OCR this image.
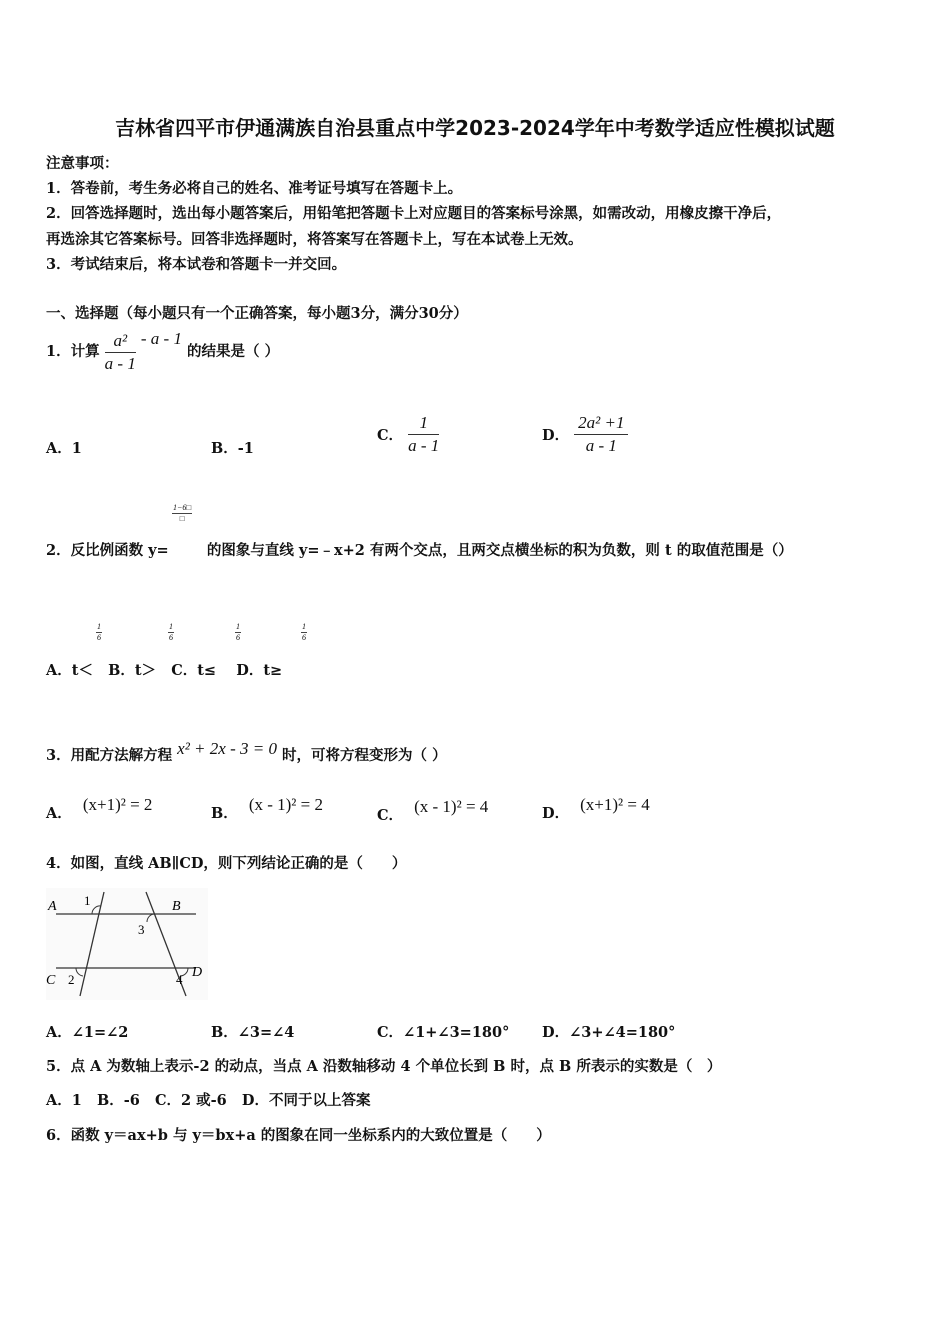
吉林省四平市伊通满族自治县重点中学2023-2024学年中考数学适应性模拟试题
注意事项：
1．答卷前，考生务必将自己的姓名、准考证号填写在答题卡上。
2．回答选择题时，选出每小题答案后，用铅笔把答题卡上对应题目的答案标号涂黑，如需改动，用橡皮擦干净后，
再选涂其它答案标号。回答非选择题时，将答案写在答题卡上，写在本试卷上无效。
3．考试结束后，将本试卷和答题卡一并交回。
一、选择题（每小题只有一个正确答案，每小题3分，满分30分）
1．计算 $\frac{\text{a²}}{a - 1}$ - a - 1 的结果是（ ）
A．1	B．-1
C． $\frac{1}{a - 1}$	D． $\frac{\text{2a² +1}}{a - 1}$
1−6□
□
2．反比例函数 y=	的图象与直线 y=﹣x+2 有两个交点，且两交点横坐标的积为负数，则 t 的取值范围是（）
$\frac{1}{6}$	$\frac{1}{6}$	$\frac{1}{6}$	$\frac{1}{6}$
A．t＜   B．t＞   C．t≤    D．t≥
3．用配方法解方程 x² + 2x - 3 = 0 时，可将方程变形为（ ）
A． (x+1)² = 2	B． (x - 1)² = 2
C． (x - 1)² = 4	D． (x+1)² = 4
4．如图，直线 AB∥CD，则下列结论正确的是（　　）
A	B
C
D
1
2
3
4
A．∠1=∠2	B．∠3=∠4	C．∠1+∠3=180° D．∠3+∠4=180°
5．点 A 为数轴上表示-2 的动点，当点 A 沿数轴移动 4 个单位长到 B 时，点 B 所表示的实数是（　）
A．1   B．-6   C．2 或-6   D．不同于以上答案
6．函数 y＝ax+b 与 y＝bx+a 的图象在同一坐标系内的大致位置是（　　）
